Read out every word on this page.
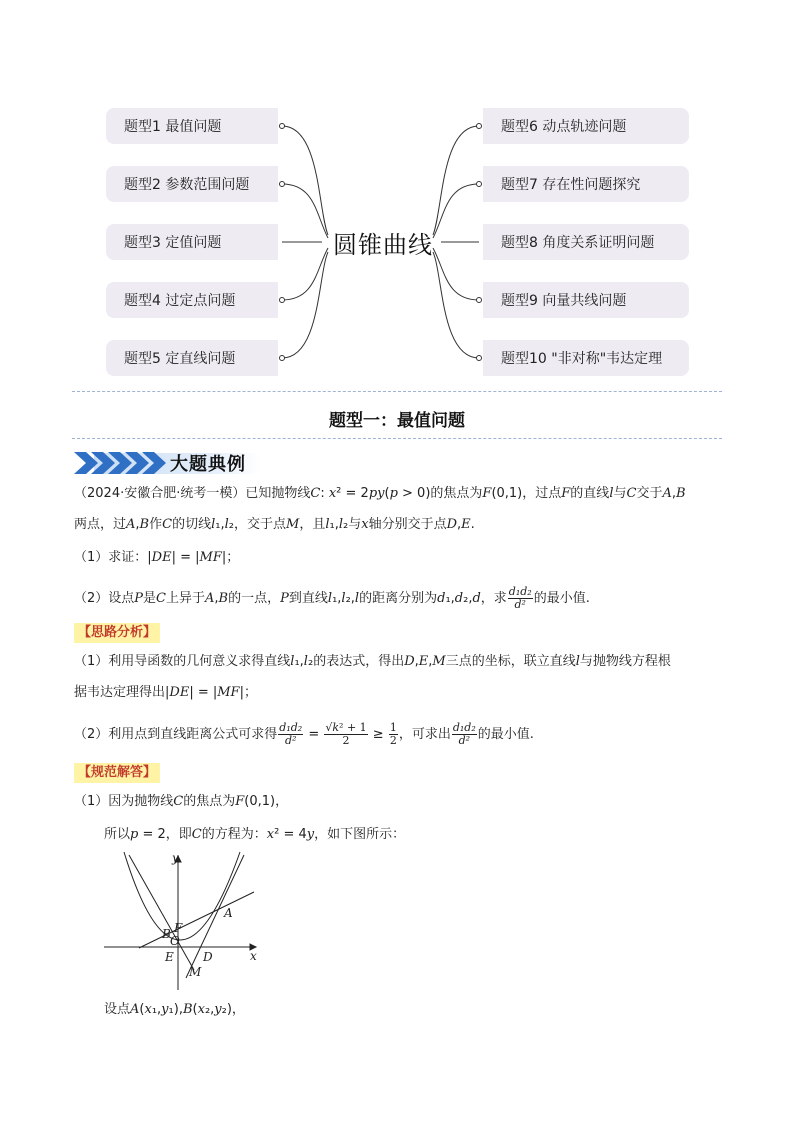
题型1 最值问题
题型2 参数范围问题
题型3 定值问题
题型4 过定点问题
题型5 定直线问题
圆锥曲线
题型6 动点轨迹问题
题型7 存在性问题探究
题型8 角度关系证明问题
题型9 向量共线问题
题型10 "非对称"韦达定理
题型一：最值问题
大题典例
（2024·安徽合肥·统考一模）已知抛物线C: x² = 2py(p > 0)的焦点为F(0,1)，过点F的直线l与C交于A,B
两点，过A,B作C的切线l₁,l₂，交于点M，且l₁,l₂与x轴分别交于点D,E.
（1）求证：|DE| = |MF|；
（2）设点P是C上异于A,B的一点，P到直线l₁,l₂,l的距离分别为d₁,d₂,d，求 $\frac{\text{d₁d₂}}{\text{d²}}$ 的最小值.
【思路分析】
（1）利用导函数的几何意义求得直线l₁,l₂的表达式，得出D,E,M三点的坐标，联立直线l与抛物线方程根
据韦达定理得出|DE| = |MF|；
（2）利用点到直线距离公式可求得 $\frac{\text{d₁d₂}}{\text{d²}} = \frac{\text{√k² + 1}}{2} \ge \frac{1}{2}$ ，可求出 $\frac{\text{d₁d₂}}{\text{d²}}$ 的最小值.
【规范解答】
（1）因为抛物线C的焦点为F(0,1)，
所以p = 2，即C的方程为：x² = 4y，如下图所示：
y
x
O
F
A
B
E D
M
设点A(x₁,y₁),B(x₂,y₂)，
